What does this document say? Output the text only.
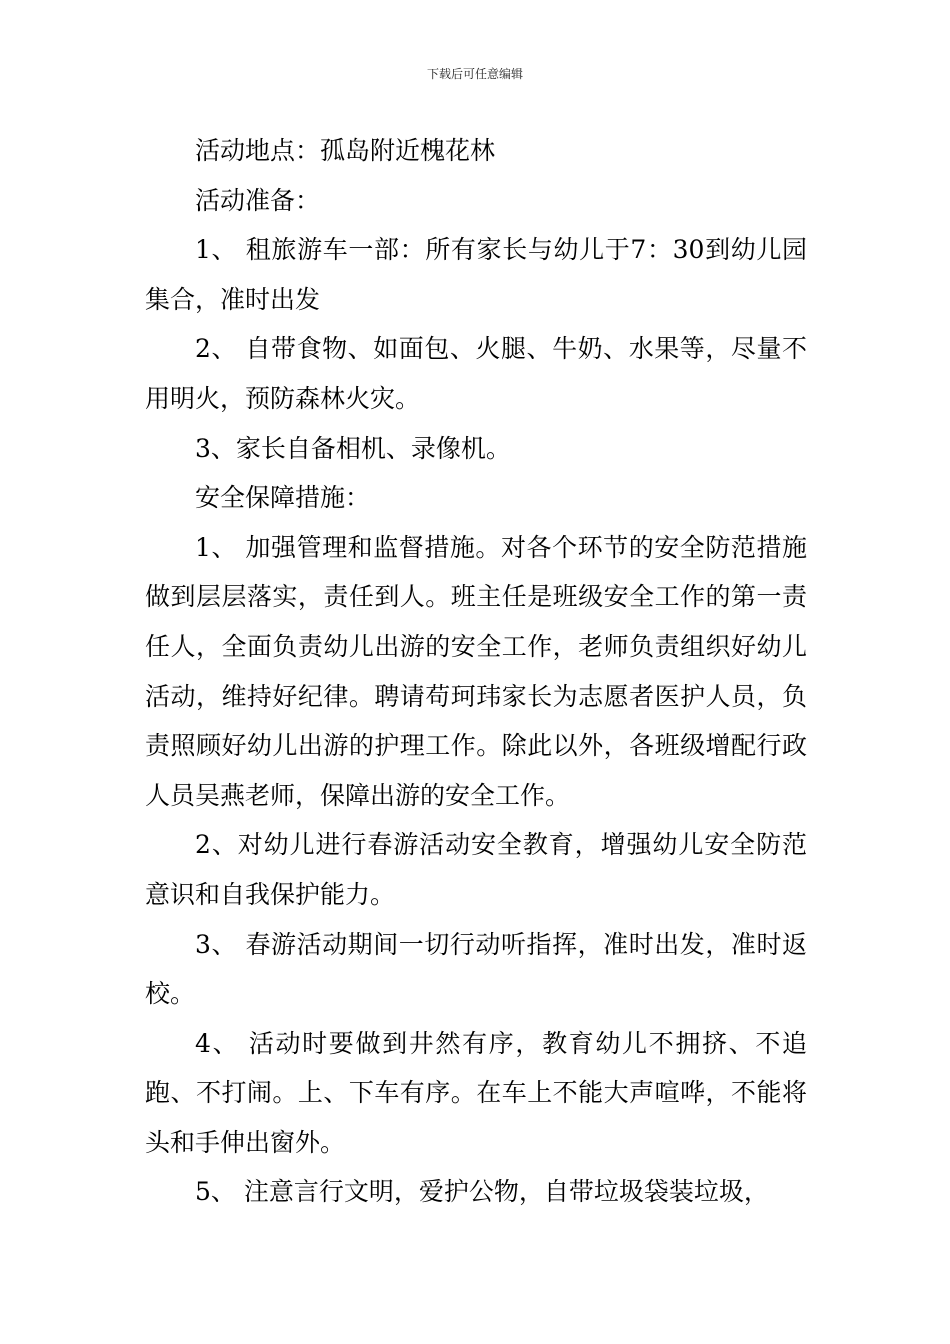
下载后可任意编辑

活动地点：孤岛附近槐花林

活动准备：

1、 租旅游车一部：所有家长与幼儿于7：30到幼儿园集合，准时出发

2、 自带食物、如面包、火腿、牛奶、水果等，尽量不用明火，预防森林火灾。

3、家长自备相机、录像机。

安全保障措施：

1、 加强管理和监督措施。对各个环节的安全防范措施做到层层落实，责任到人。班主任是班级安全工作的第一责任人，全面负责幼儿出游的安全工作，老师负责组织好幼儿活动，维持好纪律。聘请苟珂玮家长为志愿者医护人员，负责照顾好幼儿出游的护理工作。除此以外，各班级增配行政人员吴燕老师，保障出游的安全工作。

2、对幼儿进行春游活动安全教育，增强幼儿安全防范意识和自我保护能力。

3、 春游活动期间一切行动听指挥，准时出发，准时返校。

4、 活动时要做到井然有序，教育幼儿不拥挤、不追跑、不打闹。上、下车有序。在车上不能大声喧哗，不能将头和手伸出窗外。

5、 注意言行文明，爱护公物，自带垃圾袋装垃圾，
